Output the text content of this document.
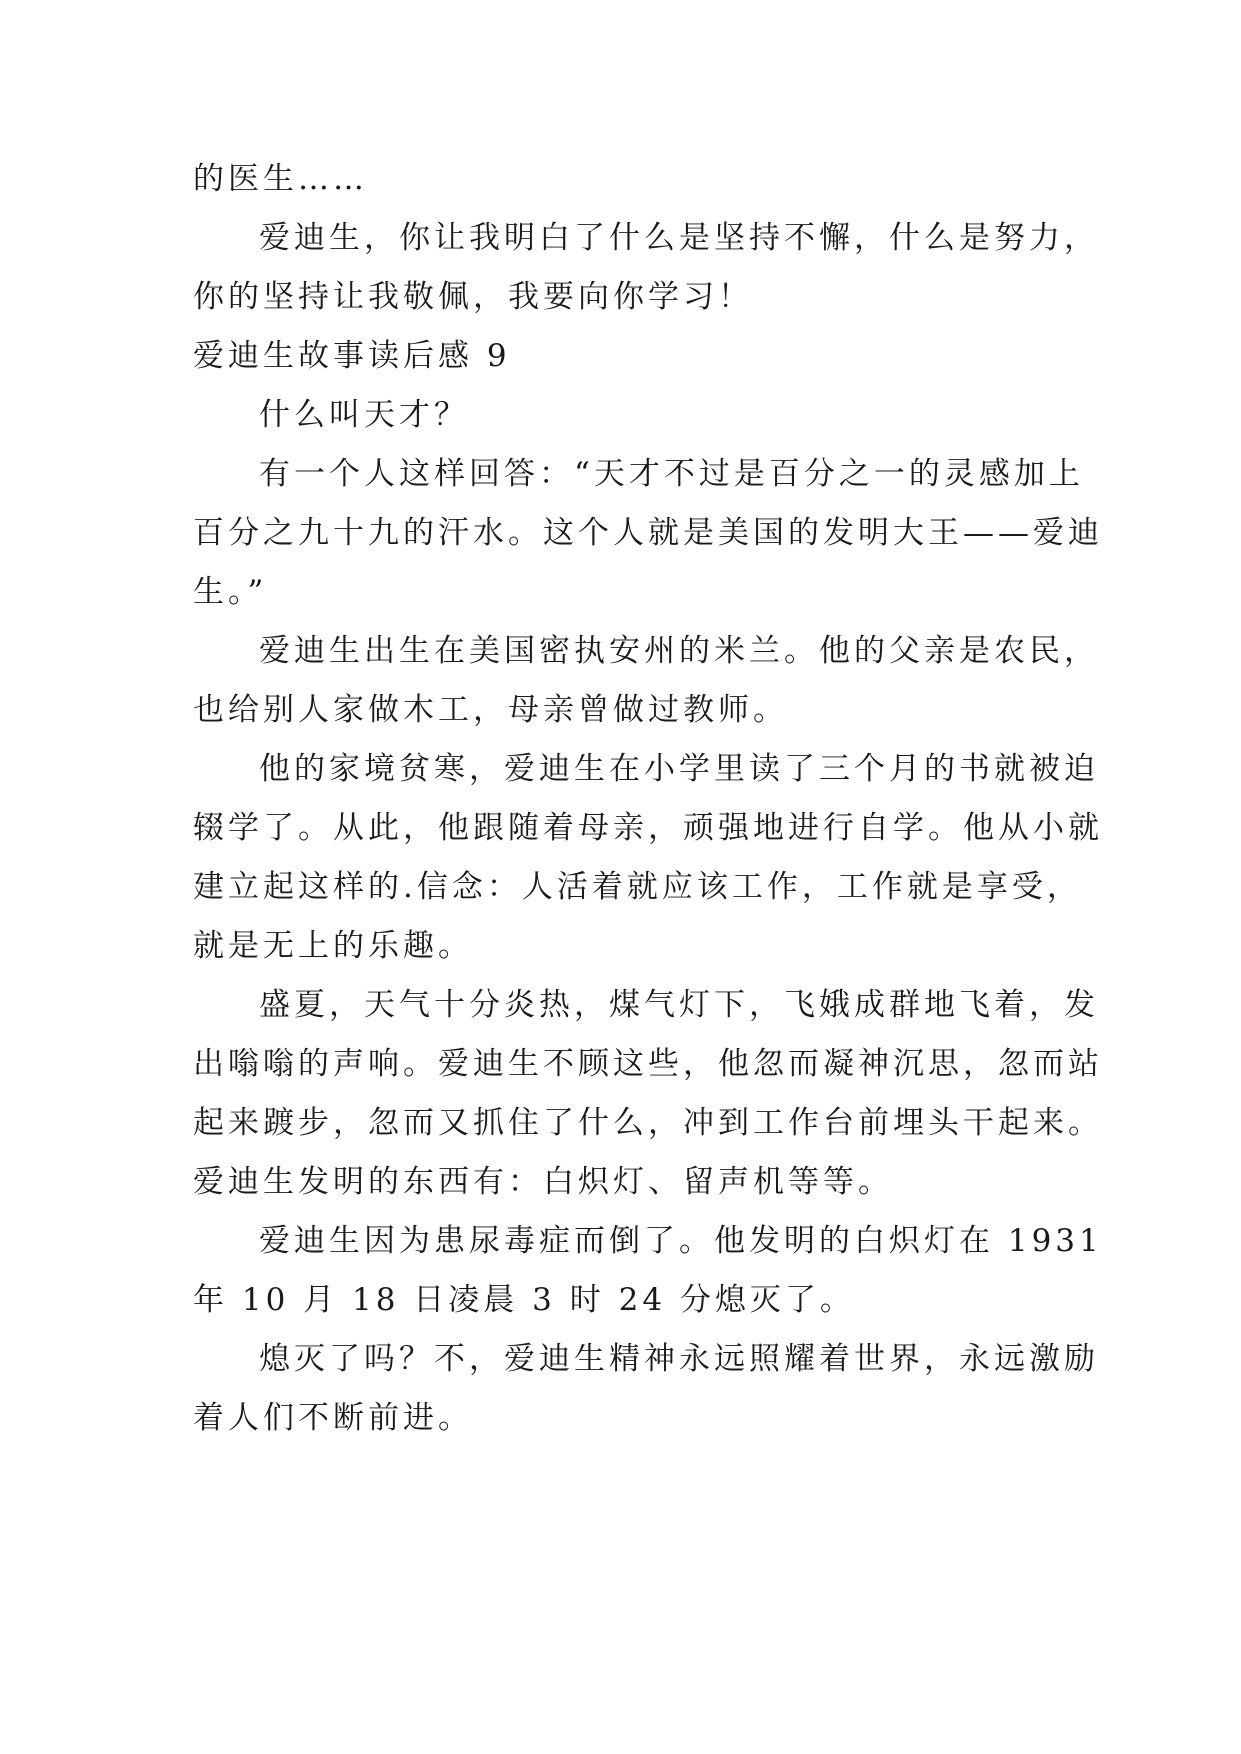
的医生……
爱迪生，你让我明白了什么是坚持不懈，什么是努力，
你的坚持让我敬佩，我要向你学习！
爱迪生故事读后感 9
什么叫天才？
有一个人这样回答：“天才不过是百分之一的灵感加上
百分之九十九的汗水。这个人就是美国的发明大王——爱迪
生。”
爱迪生出生在美国密执安州的米兰。他的父亲是农民，
也给别人家做木工，母亲曾做过教师。
他的家境贫寒，爱迪生在小学里读了三个月的书就被迫
辍学了。从此，他跟随着母亲，顽强地进行自学。他从小就
建立起这样的.信念：人活着就应该工作，工作就是享受，
就是无上的乐趣。
盛夏，天气十分炎热，煤气灯下，飞娥成群地飞着，发
出嗡嗡的声响。爱迪生不顾这些，他忽而凝神沉思，忽而站
起来踱步，忽而又抓住了什么，冲到工作台前埋头干起来。
爱迪生发明的东西有：白炽灯、留声机等等。
爱迪生因为患尿毒症而倒了。他发明的白炽灯在 1931
年 10 月 18 日凌晨 3 时 24 分熄灭了。
熄灭了吗？不，爱迪生精神永远照耀着世界，永远激励
着人们不断前进。
